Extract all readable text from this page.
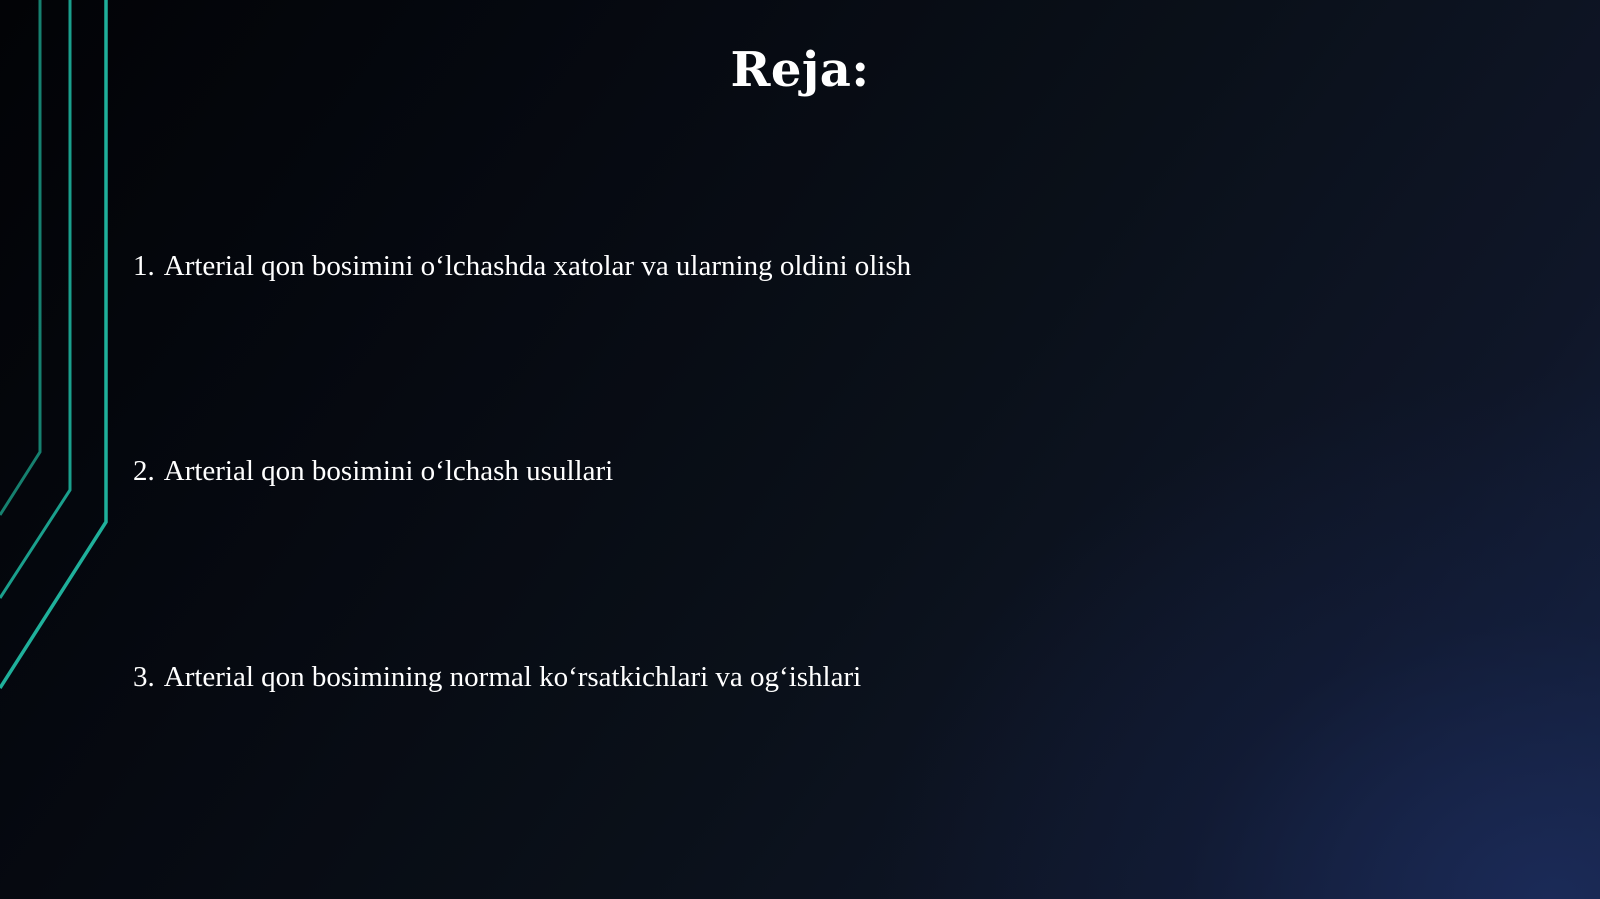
Reja:
1. Arterial qon bosimini o‘lchashda xatolar va ularning oldini olish
2. Arterial qon bosimini o‘lchash usullari
3. Arterial qon bosimining normal ko‘rsatkichlari va og‘ishlari
